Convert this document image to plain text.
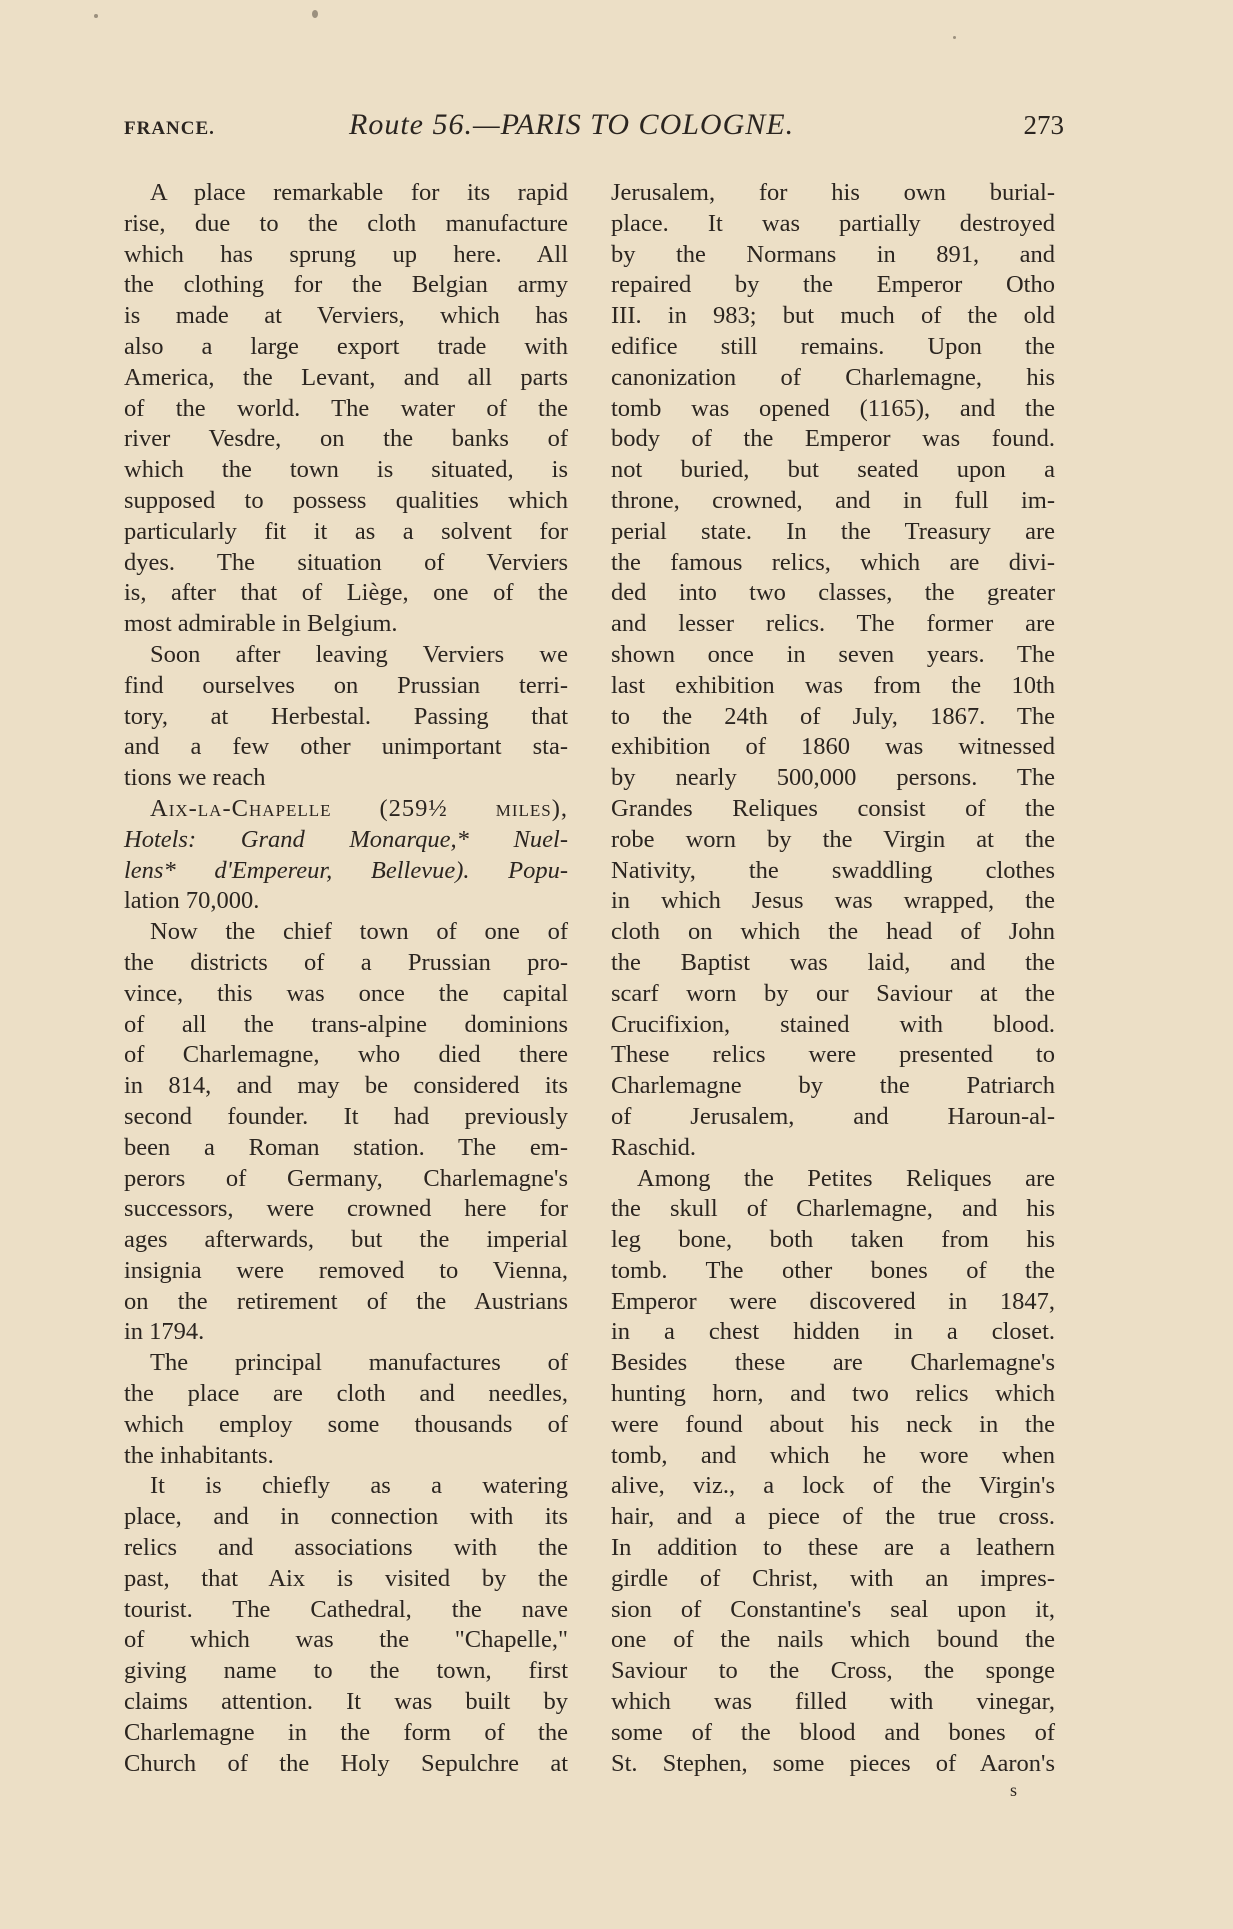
FRANCE.	Route 56.—PARIS TO COLOGNE.	273

A place remarkable for its rapid

rise, due to the cloth manufacture

which has sprung up here. All

the clothing for the Belgian army

is made at Verviers, which has

also a large export trade with

America, the Levant, and all parts

of the world. The water of the

river Vesdre, on the banks of

which the town is situated, is

supposed to possess qualities which

particularly fit it as a solvent for

dyes. The situation of Verviers

is, after that of Liège, one of the

most admirable in Belgium.

Soon after leaving Verviers we

find ourselves on Prussian terri-

tory, at Herbestal. Passing that

and a few other unimportant sta-

tions we reach

Aix-la-Chapelle (259½ miles),

Hotels: Grand Monarque,* Nuel-

lens* d'Empereur, Bellevue). Popu-

lation 70,000.

Now the chief town of one of

the districts of a Prussian pro-

vince, this was once the capital

of all the trans-alpine dominions

of Charlemagne, who died there

in 814, and may be considered its

second founder. It had previously

been a Roman station. The em-

perors of Germany, Charlemagne's

successors, were crowned here for

ages afterwards, but the imperial

insignia were removed to Vienna,

on the retirement of the Austrians

in 1794.

The principal manufactures of

the place are cloth and needles,

which employ some thousands of

the inhabitants.

It is chiefly as a watering

place, and in connection with its

relics and associations with the

past, that Aix is visited by the

tourist. The Cathedral, the nave

of which was the "Chapelle,"

giving name to the town, first

claims attention. It was built by

Charlemagne in the form of the

Church of the Holy Sepulchre at

Jerusalem, for his own burial-

place. It was partially destroyed

by the Normans in 891, and

repaired by the Emperor Otho

III. in 983; but much of the old

edifice still remains. Upon the

canonization of Charlemagne, his

tomb was opened (1165), and the

body of the Emperor was found.

not buried, but seated upon a

throne, crowned, and in full im-

perial state. In the Treasury are

the famous relics, which are divi-

ded into two classes, the greater

and lesser relics. The former are

shown once in seven years. The

last exhibition was from the 10th

to the 24th of July, 1867. The

exhibition of 1860 was witnessed

by nearly 500,000 persons. The

Grandes Reliques consist of the

robe worn by the Virgin at the

Nativity, the swaddling clothes

in which Jesus was wrapped, the

cloth on which the head of John

the Baptist was laid, and the

scarf worn by our Saviour at the

Crucifixion, stained with blood.

These relics were presented to

Charlemagne by the Patriarch

of Jerusalem, and Haroun-al-

Raschid.

Among the Petites Reliques are

the skull of Charlemagne, and his

leg bone, both taken from his

tomb. The other bones of the

Emperor were discovered in 1847,

in a chest hidden in a closet.

Besides these are Charlemagne's

hunting horn, and two relics which

were found about his neck in the

tomb, and which he wore when

alive, viz., a lock of the Virgin's

hair, and a piece of the true cross.

In addition to these are a leathern

girdle of Christ, with an impres-

sion of Constantine's seal upon it,

one of the nails which bound the

Saviour to the Cross, the sponge

which was filled with vinegar,

some of the blood and bones of

St. Stephen, some pieces of Aaron's

s
